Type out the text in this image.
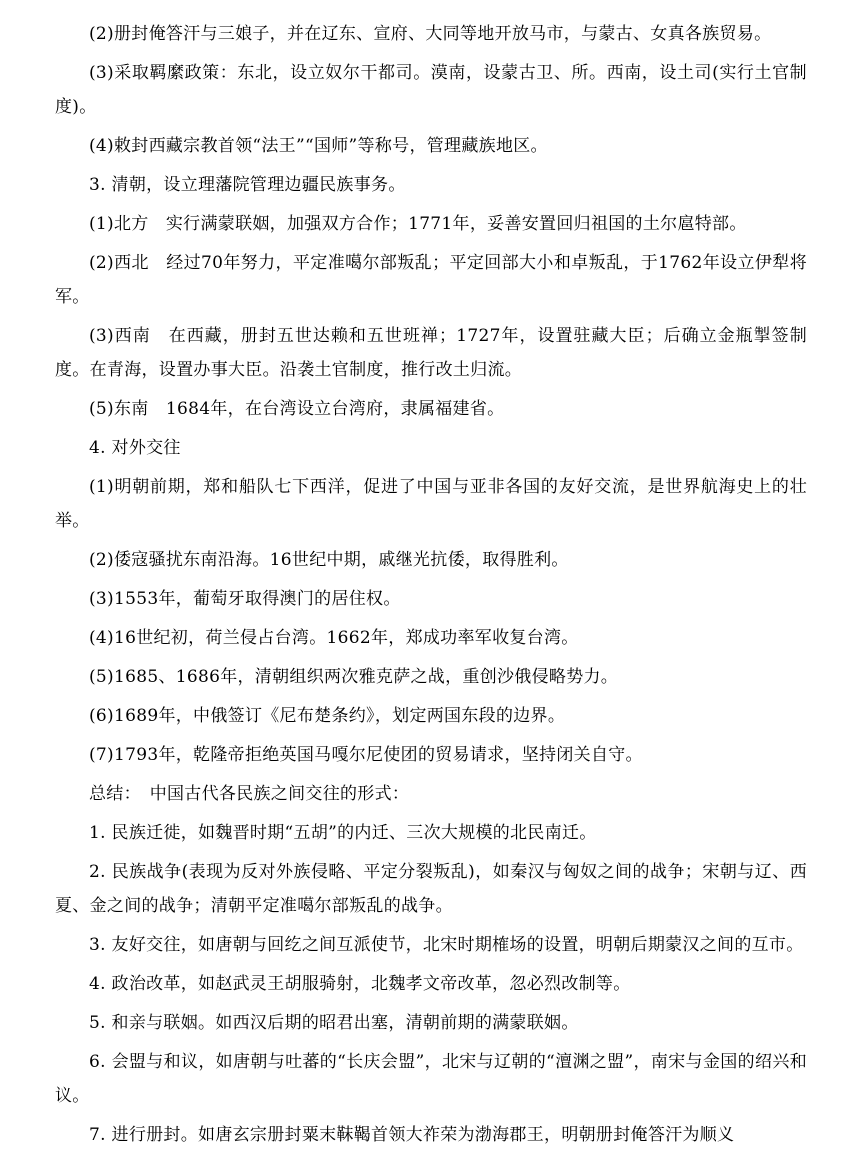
(2)册封俺答汗与三娘子，并在辽东、宣府、大同等地开放马市，与蒙古、女真各族贸易。

(3)采取羁縻政策：东北，设立奴尔干都司。漠南，设蒙古卫、所。西南，设土司(实行土官制度)。

(4)敕封西藏宗教首领“法王”“国师”等称号，管理藏族地区。

3. 清朝，设立理藩院管理边疆民族事务。

(1)北方　实行满蒙联姻，加强双方合作；1771年，妥善安置回归祖国的土尔扈特部。

(2)西北　经过70年努力，平定准噶尔部叛乱；平定回部大小和卓叛乱，于1762年设立伊犁将军。

(3)西南　在西藏，册封五世达赖和五世班禅；1727年，设置驻藏大臣；后确立金瓶掣签制度。在青海，设置办事大臣。沿袭土官制度，推行改土归流。

(5)东南　1684年，在台湾设立台湾府，隶属福建省。

4. 对外交往

(1)明朝前期，郑和船队七下西洋，促进了中国与亚非各国的友好交流，是世界航海史上的壮举。

(2)倭寇骚扰东南沿海。16世纪中期，戚继光抗倭，取得胜利。

(3)1553年，葡萄牙取得澳门的居住权。

(4)16世纪初，荷兰侵占台湾。1662年，郑成功率军收复台湾。

(5)1685、1686年，清朝组织两次雅克萨之战，重创沙俄侵略势力。

(6)1689年，中俄签订《尼布楚条约》，划定两国东段的边界。

(7)1793年，乾隆帝拒绝英国马嘎尔尼使团的贸易请求，坚持闭关自守。

总结：　中国古代各民族之间交往的形式：

1. 民族迁徙，如魏晋时期“五胡”的内迁、三次大规模的北民南迁。

2. 民族战争(表现为反对外族侵略、平定分裂叛乱)，如秦汉与匈奴之间的战争；宋朝与辽、西夏、金之间的战争；清朝平定准噶尔部叛乱的战争。

3. 友好交往，如唐朝与回纥之间互派使节，北宋时期榷场的设置，明朝后期蒙汉之间的互市。

4. 政治改革，如赵武灵王胡服骑射，北魏孝文帝改革，忽必烈改制等。

5. 和亲与联姻。如西汉后期的昭君出塞，清朝前期的满蒙联姻。

6. 会盟与和议，如唐朝与吐蕃的“长庆会盟”，北宋与辽朝的“澶渊之盟”，南宋与金国的绍兴和议。

7. 进行册封。如唐玄宗册封粟末靺鞨首领大祚荣为渤海郡王，明朝册封俺答汗为顺义
